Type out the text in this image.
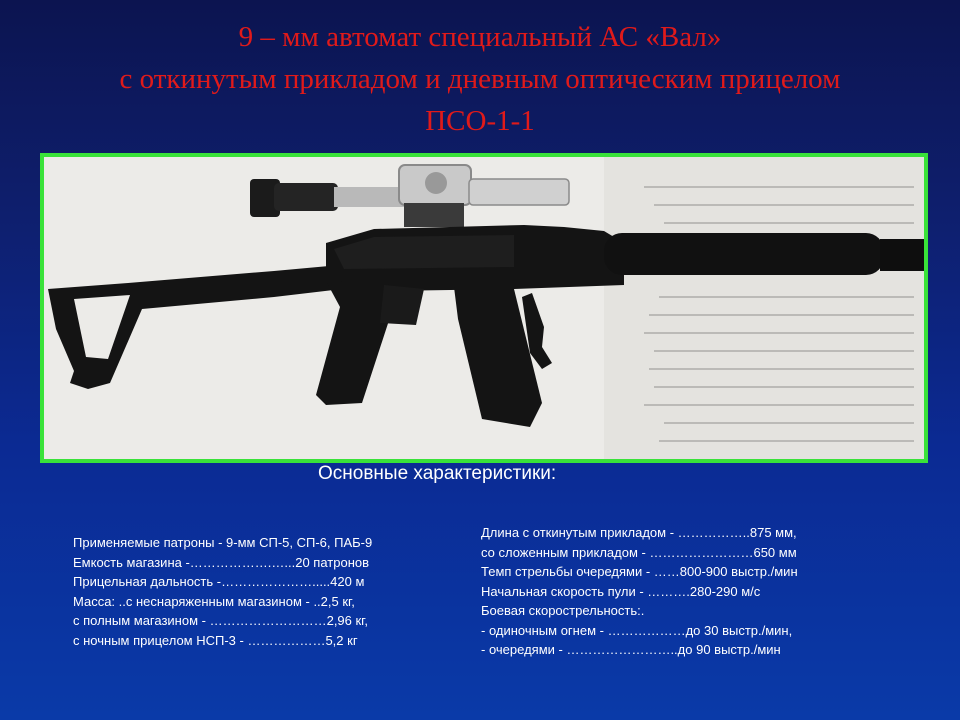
9 – мм автомат специальный АС «Вал»
с откинутым прикладом и дневным оптическим прицелом
ПСО-1-1
Основные характеристики:
Применяемые патроны - 9-мм СП-5, СП-6, ПАБ-9
Емкость магазина -……………….…...20 патронов
Прицельная дальность -………………….....420 м
Масса: ..с неснаряженным магазином - ..2,5 кг,
с полным магазином - ………………………2,96 кг,
с ночным прицелом НСП-3 - ………………5,2 кг
Длина с откинутым прикладом - ……………..875 мм,
со сложенным прикладом - ……………………650 мм
Темп стрельбы очередями - ……800-900 выстр./мин
Начальная скорость пули - ……….280-290 м/с
Боевая скорострельность:.
- одиночным огнем - ………………до 30 выстр./мин,
- очередями - ……………………..до 90 выстр./мин
